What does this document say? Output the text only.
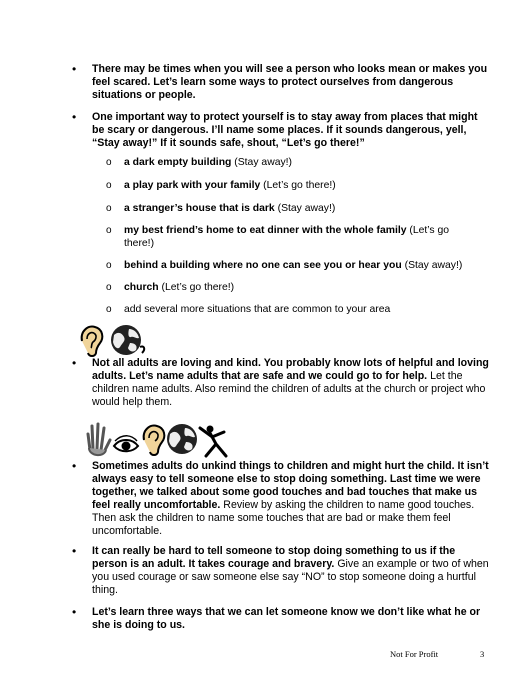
• There may be times when you will see a person who looks mean or makes you feel scared. Let’s learn some ways to protect ourselves from dangerous situations or people.
• One important way to protect yourself is to stay away from places that might be scary or dangerous. I’ll name some places. If it sounds dangerous, yell, “Stay away!” If it sounds safe, shout, “Let’s go there!”
o a dark empty building (Stay away!)
o a play park with your family (Let’s go there!)
o a stranger’s house that is dark (Stay away!)
o my best friend’s home to eat dinner with the whole family (Let’s go there!)
o behind a building where no one can see you or hear you (Stay away!)
o church (Let’s go there!)
o add several more situations that are common to your area
• Not all adults are loving and kind. You probably know lots of helpful and loving adults. Let’s name adults that are safe and we could go to for help. Let the children name adults. Also remind the children of adults at the church or project who would help them.
• Sometimes adults do unkind things to children and might hurt the child. It isn’t always easy to tell someone else to stop doing something. Last time we were together, we talked about some good touches and bad touches that make us feel really uncomfortable. Review by asking the children to name good touches. Then ask the children to name some touches that are bad or make them feel uncomfortable.
• It can really be hard to tell someone to stop doing something to us if the person is an adult. It takes courage and bravery. Give an example or two of when you used courage or saw someone else say “NO” to stop someone doing a hurtful thing.
• Let’s learn three ways that we can let someone know we don’t like what he or she is doing to us.
Not For Profit	3
